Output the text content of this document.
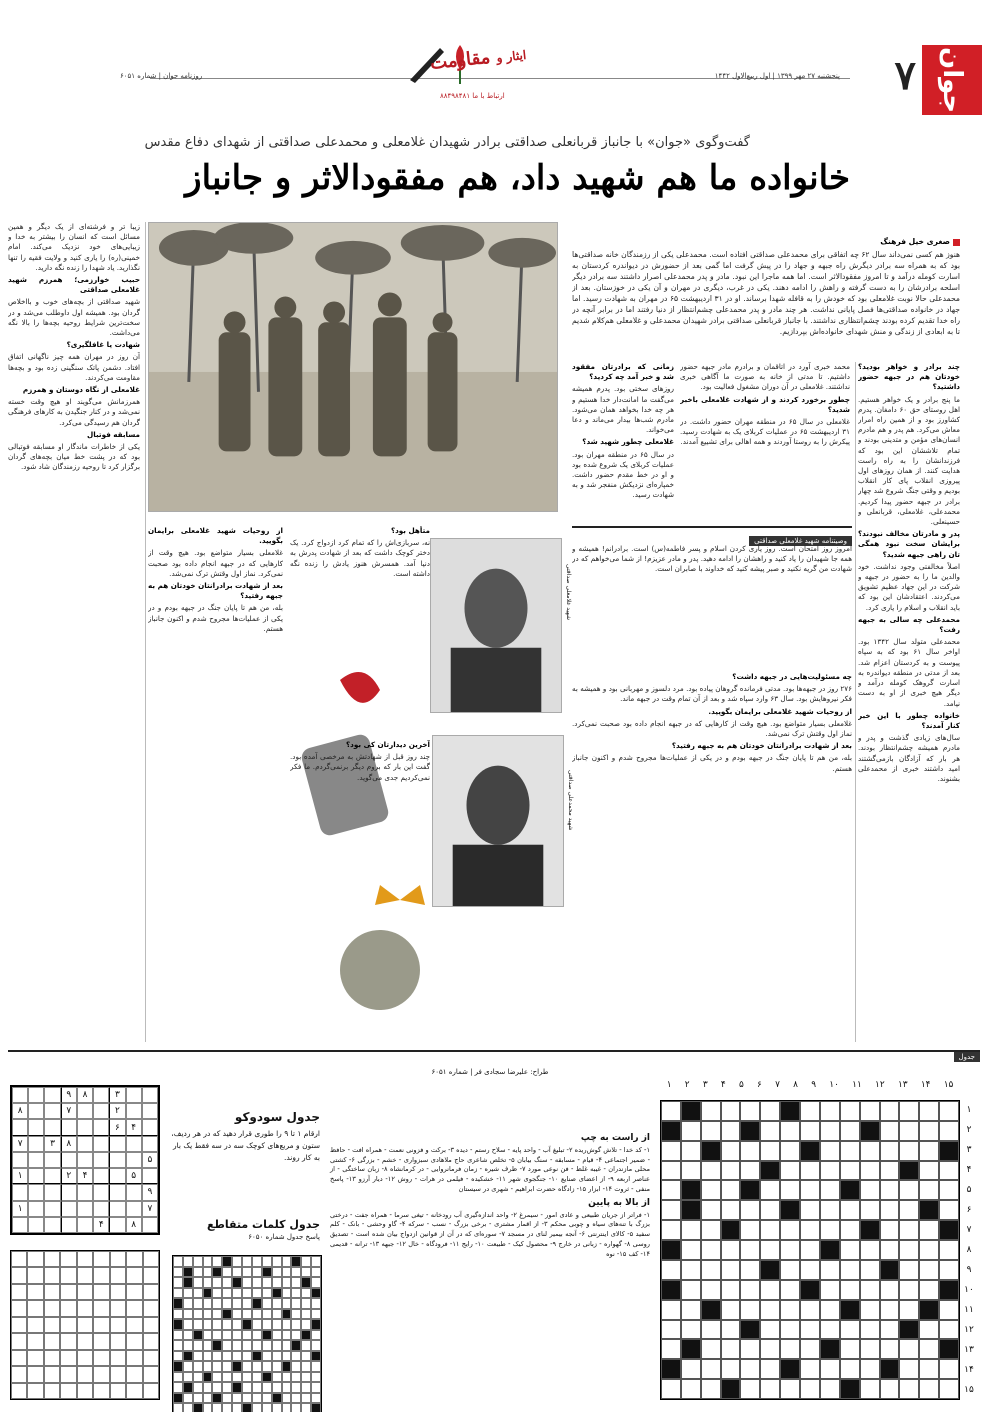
جوان
۷
پنجشنبه ۲۷ مهر ۱۳۹۹ | اول ربیع‌الاول ۱۴۴۲
روزنامه جوان | شماره ۶۰۵۱
ایثار و مقاومت
ارتباط با ما ۸۸۴۹۸۴۸۱
گفت‌وگوی «جوان» با جانباز قربانعلی صداقتی برادر شهیدان غلامعلی و محمدعلی صداقتی از شهدای دفاع مقدس
خانواده ما هم شهید داد، هم مفقودالاثر و جانباز

صغری خیل فرهنگ

هنوز هم کسی نمی‌داند سال ۶۲ چه اتفاقی برای محمدعلی صداقتی افتاده است. محمدعلی یکی از رزمندگان خانه صداقتی‌ها بود که به همراه سه برادر دیگرش راه جبهه و جهاد را در پیش گرفت اما گمی بعد از حضورش در دیواندره کردستان به اسارت کومله درآمد و تا امروز مفقودالاثر است. اما همه ماجرا این نبود. مادر و پدر محمدعلی اصرار داشتند سه برادر دیگر اسلحه برادرشان را به دست گرفته و راهش را ادامه دهند. یکی در غرب، دیگری در مهران و آن یکی در خوزستان. بعد از محمدعلی حالا نوبت غلامعلی بود که خودش را به قافله شهدا برساند. او در ۳۱ اردیبهشت ۶۵ در مهران به شهادت رسید. اما جهاد در خانواده صداقتی‌ها فصل پایانی نداشت. هر چند مادر و پدر محمدعلی چشم‌انتظار از دنیا رفتند اما در برابر آنچه در راه خدا تقدیم کرده بودند چشم‌انتظاری نداشتند. با جانباز قربانعلی صداقتی برادر شهیدان محمدعلی و غلامعلی هم‌کلام شدیم تا به ابعادی از زندگی و منش شهدای خانواده‌اش بپردازیم.

چند برادر و خواهر بودید؟ خودتان هم در جبهه حضور داشتید؟

ما پنج برادر و یک خواهر هستیم. اهل روستای حق ۶۰ دامغان. پدرم کشاورز بود و از همین راه امرار معاش می‌کرد. هم پدر و هم مادرم انسان‌های مؤمن و متدینی بودند و تمام تلاششان این بود که فرزندانشان را به راه راست هدایت کنند. از همان روزهای اول پیروزی انقلاب پای کار انقلاب بودیم و وقتی جنگ شروع شد چهار برادر در جبهه حضور پیدا کردیم. محمدعلی، غلامعلی، قربانعلی و حسینعلی.

پدر و مادرتان مخالف نبودند؟ برایشان سخت نبود همگی تان راهی جبهه شدید؟

اصلاً مخالفتی وجود نداشت. خود والدین ما را به حضور در جبهه و شرکت در این جهاد عظیم تشویق می‌کردند. اعتقادشان این بود که باید انقلاب و اسلام را یاری کرد.

محمدعلی چه سالی به جبهه رفت؟

محمدعلی متولد سال ۱۳۴۲ بود. اواخر سال ۶۱ بود که به سپاه پیوست و به کردستان اعزام شد. بعد از مدتی در منطقه دیواندره به اسارت گروهک کومله درآمد و دیگر هیچ خبری از او به دست نیامد.

خانواده چطور با این خبر کنار آمدند؟

سال‌های زیادی گذشت و پدر و مادرم همیشه چشم‌انتظار بودند. هر بار که آزادگان بازمی‌گشتند امید داشتند خبری از محمدعلی بشنوند.

محمد خبری آورد در اتاقمان و برادرم مادر جبهه حضور داشتیم. تا مدتی از خانه به صورت ما آگاهی خبری نداشتند. غلامعلی در آن دوران مشغول فعالیت بود.

چطور برخورد کردند و از شهادت غلامعلی باخبر شدید؟

غلامعلی در سال ۶۵ در منطقه مهران حضور داشت. در ۳۱ اردیبهشت ۶۵ در عملیات کربلای یک به شهادت رسید. پیکرش را به روستا آوردند و همه اهالی برای تشییع آمدند.

زمانی که برادرتان مفقود شد و خبر آمد چه کردید؟

روزهای سختی بود. پدرم همیشه می‌گفت ما امانت‌دار خدا هستیم و هر چه خدا بخواهد همان می‌شود. مادرم شب‌ها بیدار می‌ماند و دعا می‌خواند.

غلامعلی چطور شهید شد؟

در سال ۶۵ در منطقه مهران بود. عملیات کربلای یک شروع شده بود و او در خط مقدم حضور داشت. خمپاره‌ای نزدیکش منفجر شد و به شهادت رسید.

وصیتنامه شهید غلامعلی صداقتی
امروز روز امتحان است. روز یاری کردن اسلام و پسر فاطمه(س) است. برادرانم! همیشه و همه جا شهیدان را یاد کنید و راهشان را ادامه دهید. پدر و مادر عزیزم! از شما می‌خواهم که در شهادت من گریه نکنید و صبر پیشه کنید که خداوند با صابران است.

چه مسئولیت‌هایی در جبهه داشت؟

۲۷۶ روز در جبهه‌ها بود. مدتی فرمانده گروهان پیاده بود. مرد دلسوز و مهربانی بود و همیشه به فکر نیروهایش بود. سال ۶۳ وارد سپاه شد و بعد از آن تمام وقت در جبهه ماند.

از روحیات شهید غلامعلی برایمان بگویید.

غلامعلی بسیار متواضع بود. هیچ وقت از کارهایی که در جبهه انجام داده بود صحبت نمی‌کرد. نماز اول وقتش ترک نمی‌شد.

بعد از شهادت برادرانتان خودتان هم به جبهه رفتید؟

بله، من هم تا پایان جنگ در جبهه بودم و در یکی از عملیات‌ها مجروح شدم و اکنون جانباز هستم.

شهید غلامعلی صداقتی
شهید محمدعلی صداقتی

متأهل بود؟

نه، سربازی‌اش را که تمام کرد ازدواج کرد. یک دختر کوچک داشت که بعد از شهادت پدرش به دنیا آمد. همسرش هنوز یادش را زنده نگه داشته است.

آخرین دیدارتان کی بود؟

چند روز قبل از شهادتش به مرخصی آمده بود. گفت این بار که بروم دیگر برنمی‌گردم. ما فکر نمی‌کردیم جدی می‌گوید.

از روحیات شهید غلامعلی برایمان بگویید.

غلامعلی بسیار متواضع بود. هیچ وقت از کارهایی که در جبهه انجام داده بود صحبت نمی‌کرد. نماز اول وقتش ترک نمی‌شد.

بعد از شهادت برادرانتان خودتان هم به جبهه رفتید؟

بله، من هم تا پایان جنگ در جبهه بودم و در یکی از عملیات‌ها مجروح شدم و اکنون جانباز هستم.

زیبا تر و فرشته‌ای از یک دیگر و همین مسائل است که انسان را بیشتر به خدا و زیبایی‌های خود نزدیک می‌کند. امام خمینی(ره) را یاری کنید و ولایت فقیه را تنها نگذارید. یاد شهدا را زنده نگه دارید.

حبیب خوارزمی؛ همرزم شهید غلامعلی صداقتی

شهید صداقتی از بچه‌های خوب و بااخلاص گردان بود. همیشه اول داوطلب می‌شد و در سخت‌ترین شرایط روحیه بچه‌ها را بالا نگه می‌داشت.

شهادت یا غافلگیری؟

آن روز در مهران همه چیز ناگهانی اتفاق افتاد. دشمن پاتک سنگینی زده بود و بچه‌ها مقاومت می‌کردند.

غلامعلی از نگاه دوستان و همرزم

همرزمانش می‌گویند او هیچ وقت خسته نمی‌شد و در کنار جنگیدن به کارهای فرهنگی گردان هم رسیدگی می‌کرد.

مسابقه فوتبال

یکی از خاطرات ماندگار او مسابقه فوتبالی بود که در پشت خط میان بچه‌های گردان برگزار کرد تا روحیه رزمندگان شاد شود.

جدول
طراح: علیرضا سجادی فر | شماره ۶۰۵۱
۱ ۲ ۳ ۴ ۵ ۶ ۷ ۸ ۹ ۱۰ ۱۱ ۱۲ ۱۳ ۱۴ ۱۵
۱
۲
۳
۴
۵
۶
۷
۸
۹
۱۰
۱۱
۱۲
۱۳
۱۴
۱۵
از راست به چپ
۱- کد خدا - تلاش گوش‌ریده ۲- تبلیغ آب - واحد پایه - سلاح رستم - دیده ۳- برکت و فزونی نعمت - همراه افت - حافظ - ضمیر اجتماعی ۴- قیام - مسابقه - سنگ بیابان ۵- تخلص شاعری حاج ملاهادی سبزواری - خشم - بزرگی ۶- کشتی محلی مازندران - غیبه غلظ - فن نوعی مورد ۷- ظرف شیره - زمان فرمانروایی - در کرمانشاه ۸- زبان ساختگی - از عناصر اربعه ۹- از اعضای صنایع ۱۰- جنگجوی شهر ۱۱- خشکیده - فیلمی در هرات - روش ۱۲- دیار آرزو ۱۳- پاسخ منفی - ثروت ۱۴- ابزار ۱۵- زادگاه حضرت ابراهیم - شهری در سیستان
از بالا به پایین
۱- فراتر از جریان طبیعی و عادی امور - سیمرغ ۲- واحد اندازه‌گیری آب رودخانه - تیغی سرما - همراه جفت - درختی بزرگ با تنه‌های سیاه و چوبی محکم ۳- از اقمار مشتری - برخی بزرگ - نسب - سرکه ۴- گاو وحشی - بانک - کلم سفید ۵- کالای اینترنتی ۶- آنجه بیمیر لنای در مسجد ۷- سوره‌ای که در آن از قوانین ازدواج بیان شده است - تصدیق روسی ۸- گهواره - زبانی در خارج ۹- محصول کیک - طبیعت ۱۰- رایج ۱۱- فرودگاه - خال ۱۲- جبهه ۱۳- ترانه - قدیمی ۱۴- کف ۱۵- نوه
جدول سودوکو
ارقام ۱ تا ۹ را طوری قرار دهید که در هر ردیف، ستون و مربع‌های کوچک سه در سه فقط یک بار به کار روند.
۳
۸
۹
۲
۷
۸
۴
۶
۸
۳
۷
۵
۵
۴
۲
۱
۹
۷
۱
۸
۴	جدول کلمات متقاطع
پاسخ جدول شماره ۶۰۵۰
